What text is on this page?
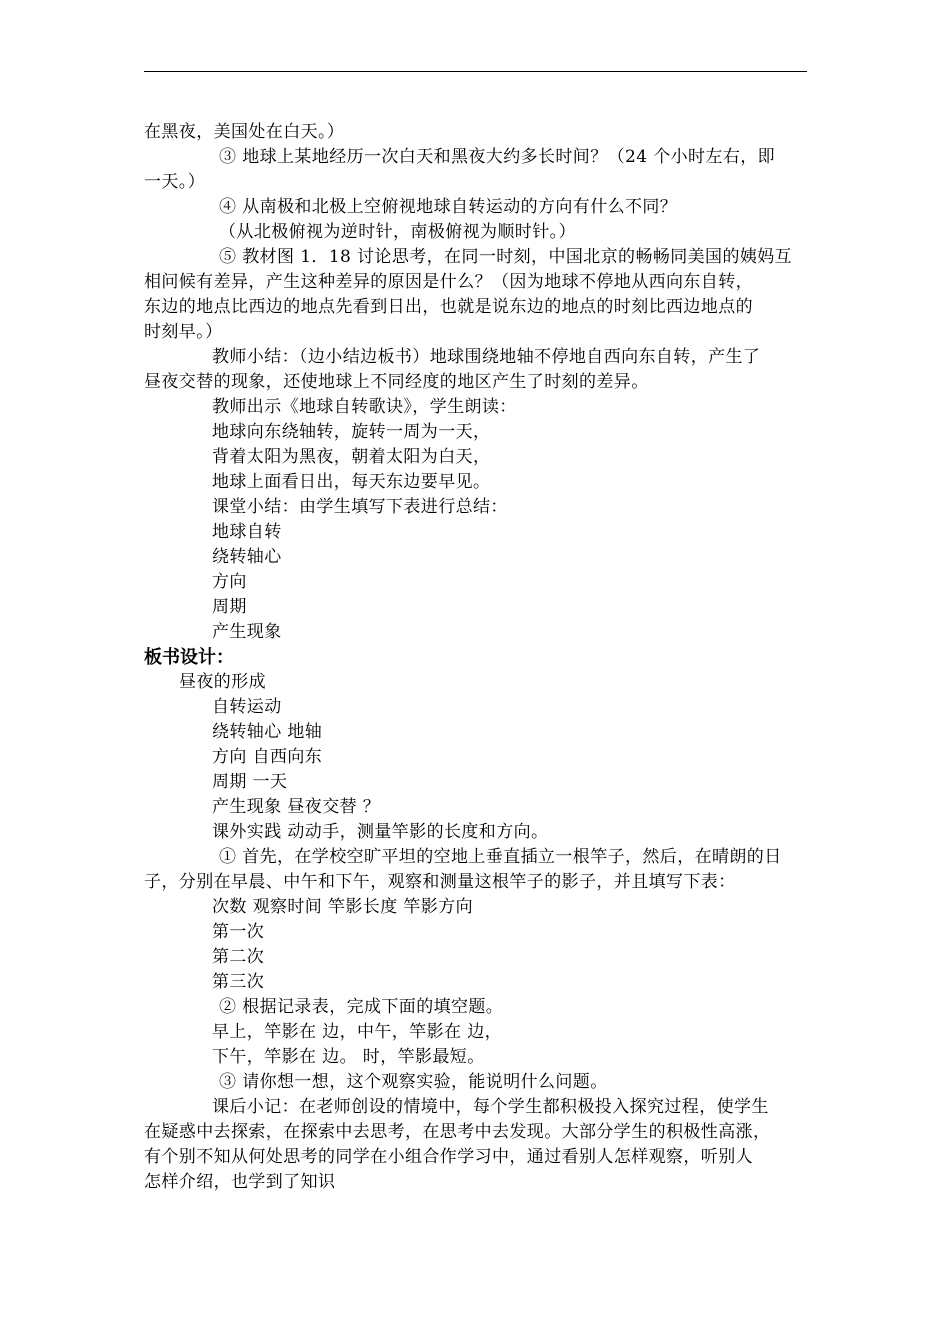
在黑夜，美国处在白天。）
③ 地球上某地经历一次白天和黑夜大约多长时间？（24 个小时左右，即
一天。）
④ 从南极和北极上空俯视地球自转运动的方向有什么不同？
（从北极俯视为逆时针，南极俯视为顺时针。）
⑤ 教材图 1．18 讨论思考，在同一时刻，中国北京的畅畅同美国的姨妈互
相问候有差异，产生这种差异的原因是什么？（因为地球不停地从西向东自转，
东边的地点比西边的地点先看到日出，也就是说东边的地点的时刻比西边地点的
时刻早。）
教师小结：（边小结边板书）地球围绕地轴不停地自西向东自转，产生了
昼夜交替的现象，还使地球上不同经度的地区产生了时刻的差异。
教师出示《地球自转歌诀》，学生朗读：
地球向东绕轴转，旋转一周为一天，
背着太阳为黑夜，朝着太阳为白天，
地球上面看日出，每天东边要早见。
课堂小结：由学生填写下表进行总结：
地球自转
绕转轴心
方向
周期
产生现象
板书设计：
昼夜的形成
自转运动
绕转轴心 地轴
方向 自西向东
周期 一天
产生现象 昼夜交替 ？
课外实践 动动手，测量竿影的长度和方向。
① 首先，在学校空旷平坦的空地上垂直插立一根竿子，然后，在晴朗的日
子，分别在早晨、中午和下午，观察和测量这根竿子的影子，并且填写下表：
次数 观察时间 竿影长度 竿影方向
第一次
第二次
第三次
② 根据记录表，完成下面的填空题。
早上，竿影在 边，中午，竿影在 边，
下午，竿影在 边。 时，竿影最短。
③ 请你想一想，这个观察实验，能说明什么问题。
课后小记：在老师创设的情境中，每个学生都积极投入探究过程，使学生
在疑惑中去探索，在探索中去思考，在思考中去发现。大部分学生的积极性高涨，
有个别不知从何处思考的同学在小组合作学习中，通过看别人怎样观察，听别人
怎样介绍，也学到了知识
